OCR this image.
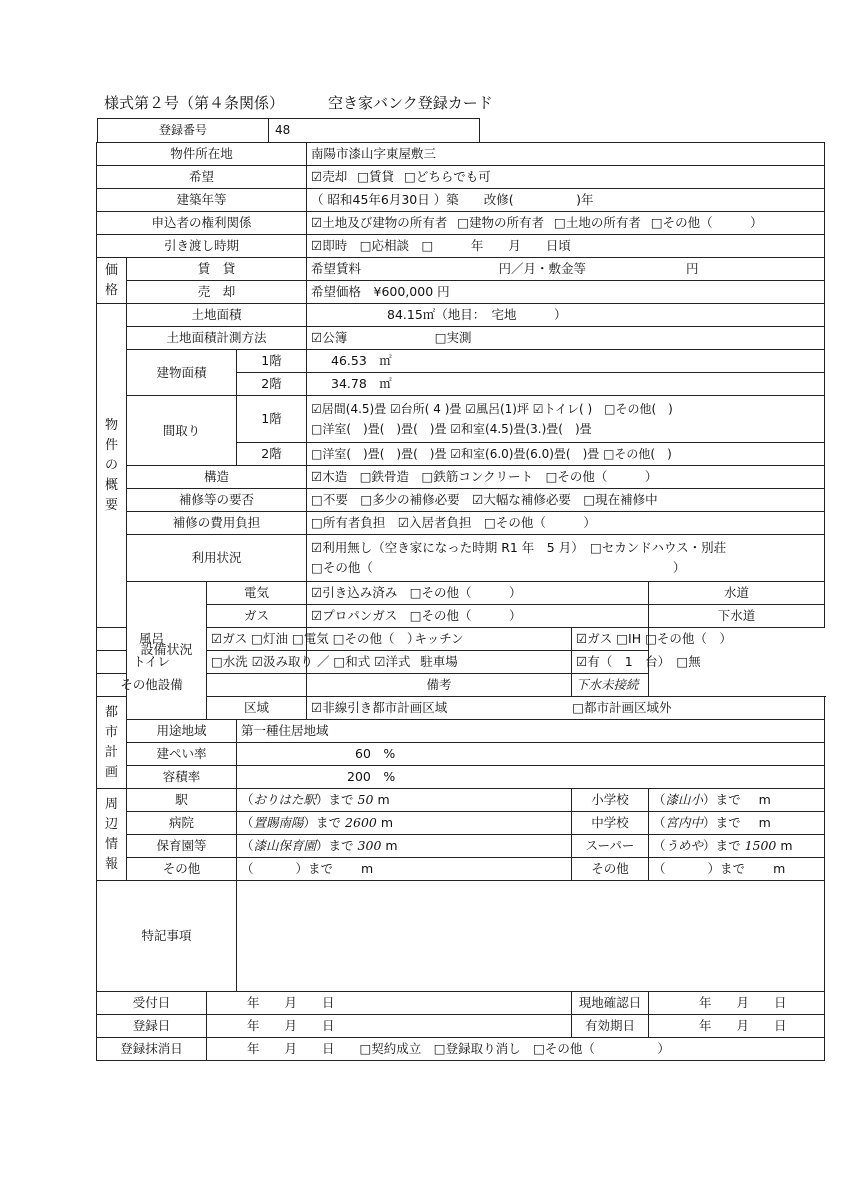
様式第２号（第４条関係）	空き家バンク登録カード
登録番号	48
物件所在地				南陽市漆山字東屋敷三			
希望				☑売却 □賃貸 □どちらでも可			
建築年等				（ 昭和45年6月30日 ）築　　改修(　　　　　)年			
申込者の権利関係				☑土地及び建物の所有者 □建物の所有者 □土地の所有者 □その他（　　　）			
引き渡し時期				☑即時　□応相談　□　　　年　　月　　日頃			
価格	賃　貸			希望賃料　　　　　　　　　　　円／月・敷金等　　　　　　　　円			
	売　却			希望価格　¥600,000 円			
物件の概要	土地面積			84.15㎡（地目：　宅地　　　）			
	土地面積計測方法			☑公簿　　　　　　　□実測			
	建物面積		1階	46.53　㎡			
			2階	34.78　㎡			
	間取り		1階	☑居間(4.5)畳 ☑台所( 4 )畳 ☑風呂(1)坪 ☑トイレ( )　□その他(　)
□洋室(　)畳(　)畳(　)畳 ☑和室(4.5)畳(3.)畳(　)畳			

			2階	□洋室(　)畳(　)畳(　)畳 ☑和室(6.0)畳(6.0)畳(　)畳 □その他(　)			
	構造			☑木造　□鉄骨造　□鉄筋コンクリート　□その他（　　　）			
	補修等の要否			□不要　□多少の補修必要　☑大幅な補修必要　□現在補修中			
	補修の費用負担			□所有者負担　☑入居者負担　□その他（　　　）			
	利用状況			☑利用無し（空き家になった時期 R1 年　5 月）　□セカンドハウス・別荘
□その他（　　　　　　　　　　　　　　　　　　　　　　　　）			

	設備状況	電気		☑引き込み済み　□その他（　　　）		水道	
		ガス		☑プロパンガス　□その他（　　　）		下水道	
風呂		☑ガス □灯油 □電気 □その他（　）		キッチン	☑ガス □IH □その他（　）		
トイレ		□水洗 ☑汲み取り ／ □和式 ☑洋式		駐車場	☑有（　1　台）　□無		
その他設備				備考	下水未接続		
都市計画		区域		☑非線引き都市計画区域　　　　　　　　　　□都市計画区域外			
	用途地域		第一種住居地域				
	建ぺい率		60　%				
	容積率		200　%				
周辺情報	駅		（おりはた駅）まで 50 m		小学校	（漆山小）まで m	
	病院		（置賜南陽）まで 2600 m		中学校	（宮内中）まで m	
	保育園等		（漆山保育園）まで 300 m		スーパー	（うめや）まで 1500 m	
	その他		（ ）まで m		その他	（ ）まで m	
特記事項							
受付日		年　　月　　日			現地確認日	年　　月　　日	
登録日		年　　月　　日			有効期日	年　　月　　日	
登録抹消日		年　　月　　日　　□契約成立　□登録取り消し　□その他（　　　　　）					
